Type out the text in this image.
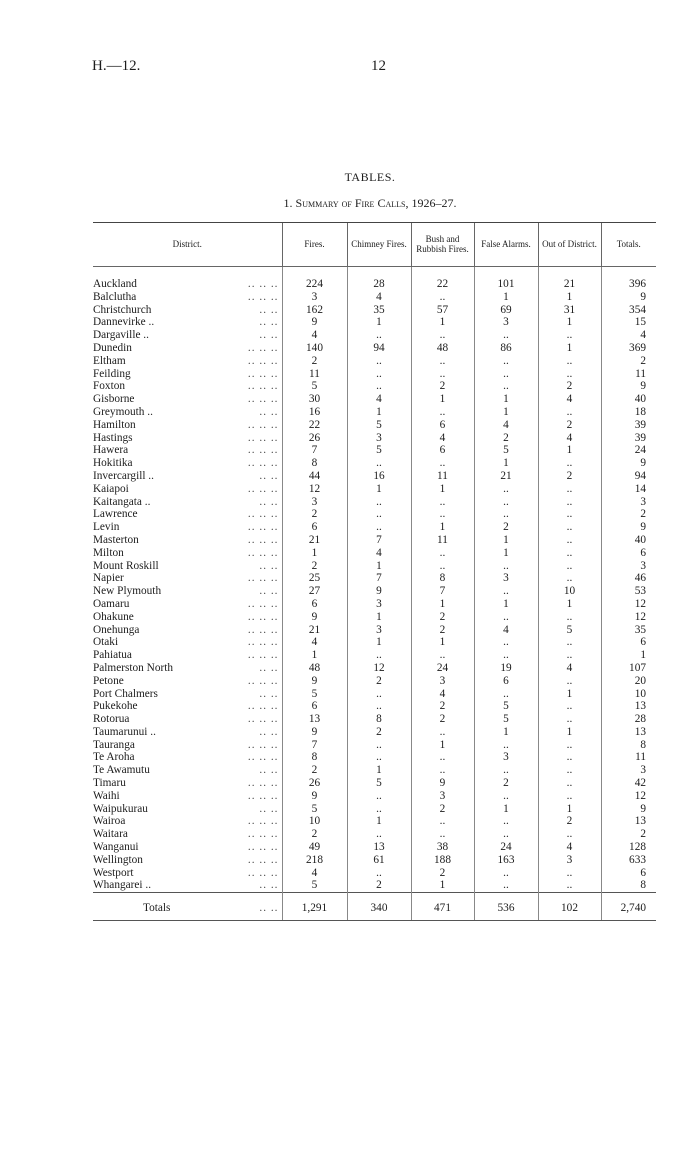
H.—12.	12
TABLES.
1. Summary of Fire Calls, 1926–27.
District.	Fires.	Chimney Fires.	Bush and Rubbish Fires.	False Alarms.	Out of District.	Totals.

Auckland .. .. ..	224	28	22	101	21	396
Balclutha .. .. ..	3	4	..	1	1	9
Christchurch .. ..	162	35	57	69	31	354
Dannevirke .. .. ..	9	1	1	3	1	15
Dargaville .. .. ..	4	..	..	..	..	4
Dunedin .. .. ..	140	94	48	86	1	369
Eltham .. .. ..	2	..	..	..	..	2
Feilding .. .. ..	11	..	..	..	..	11
Foxton .. .. ..	5	..	2	..	2	9
Gisborne .. .. ..	30	4	1	1	4	40
Greymouth .. .. ..	16	1	..	1	..	18
Hamilton .. .. ..	22	5	6	4	2	39
Hastings .. .. ..	26	3	4	2	4	39
Hawera .. .. ..	7	5	6	5	1	24
Hokitika .. .. ..	8	..	..	1	..	9
Invercargill .. .. ..	44	16	11	21	2	94
Kaiapoi .. .. ..	12	1	1	..	..	14
Kaitangata .. .. ..	3	..	..	..	..	3
Lawrence .. .. ..	2	..	..	..	..	2
Levin .. .. ..	6	..	1	2	..	9
Masterton .. .. ..	21	7	11	1	..	40
Milton .. .. ..	1	4	..	1	..	6
Mount Roskill .. ..	2	1	..	..	..	3
Napier .. .. ..	25	7	8	3	..	46
New Plymouth .. ..	27	9	7	..	10	53
Oamaru .. .. ..	6	3	1	1	1	12
Ohakune .. .. ..	9	1	2	..	..	12
Onehunga .. .. ..	21	3	2	4	5	35
Otaki .. .. ..	4	1	1	..	..	6
Pahiatua .. .. ..	1	..	..	..	..	1
Palmerston North .. ..	48	12	24	19	4	107
Petone .. .. ..	9	2	3	6	..	20
Port Chalmers .. ..	5	..	4	..	1	10
Pukekohe .. .. ..	6	..	2	5	..	13
Rotorua .. .. ..	13	8	2	5	..	28
Taumarunui .. .. ..	9	2	..	1	1	13
Tauranga .. .. ..	7	..	1	..	..	8
Te Aroha .. .. ..	8	..	..	3	..	11
Te Awamutu .. ..	2	1	..	..	..	3
Timaru .. .. ..	26	5	9	2	..	42
Waihi .. .. ..	9	..	3	..	..	12
Waipukurau .. ..	5	..	2	1	1	9
Wairoa .. .. ..	10	1	..	..	2	13
Waitara .. .. ..	2	..	..	..	..	2
Wanganui .. .. ..	49	13	38	24	4	128
Wellington .. .. ..	218	61	188	163	3	633
Westport .. .. ..	4	..	2	..	..	6
Whangarei .. .. ..	5	2	1	..	..	8
Totals .. ..	1,291	340	471	536	102	2,740
